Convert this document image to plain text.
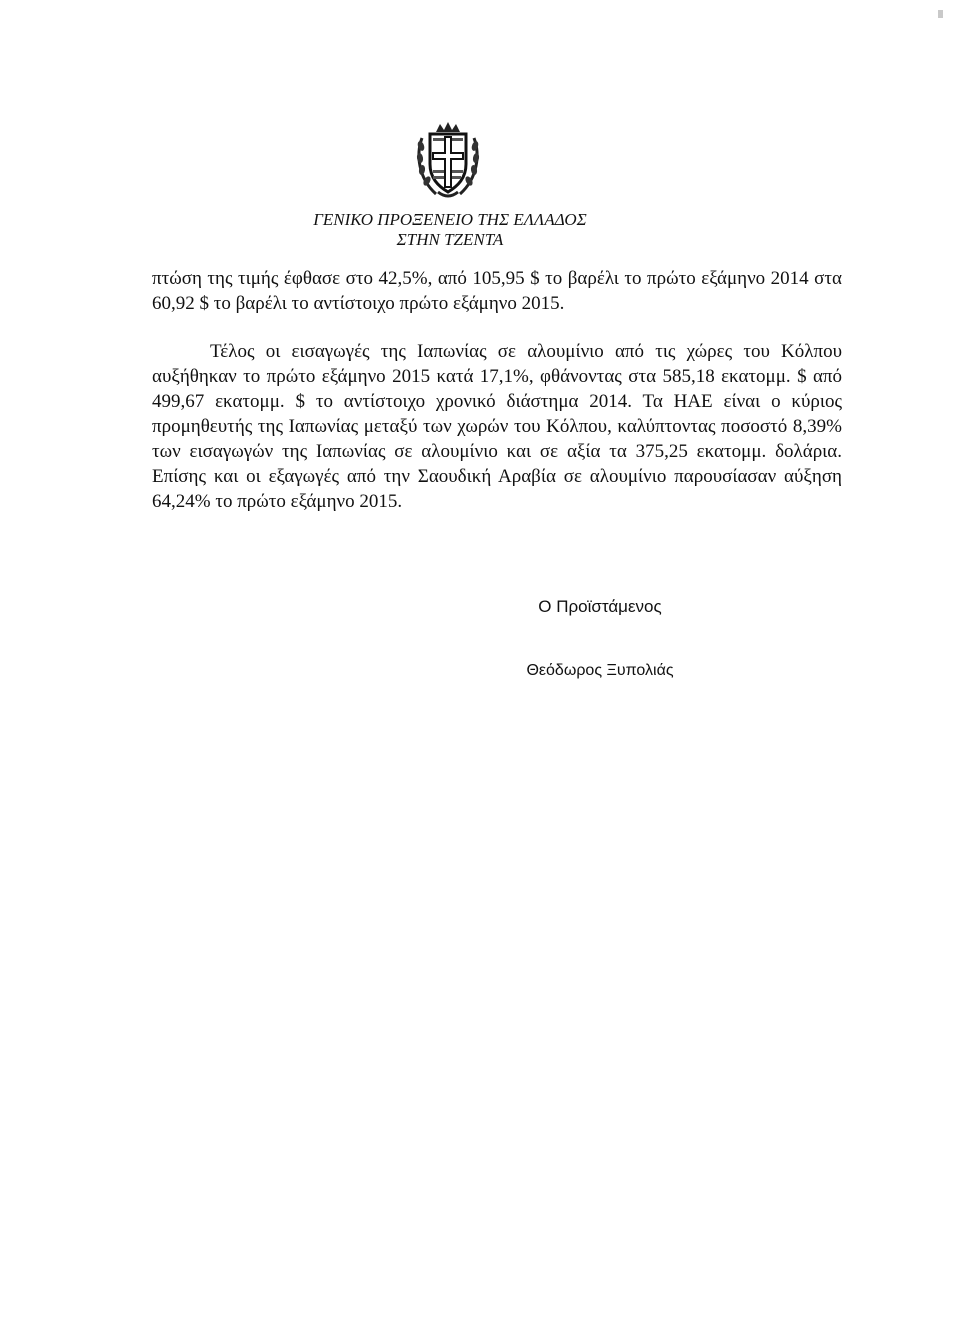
ΓΕΝΙΚΟ ΠΡΟΞΕΝΕΙΟ ΤΗΣ ΕΛΛΑΔΟΣ
ΣΤΗΝ ΤΖΕΝΤΑ
πτώση της τιμής έφθασε στο 42,5%, από 105,95 $ το βαρέλι το πρώτο εξάμηνο 2014 στα 60,92 $ το βαρέλι το αντίστοιχο πρώτο εξάμηνο 2015.
Τέλος οι εισαγωγές της Ιαπωνίας σε αλουμίνιο από τις χώρες του Κόλπου αυξήθηκαν το πρώτο εξάμηνο 2015 κατά 17,1%, φθάνοντας στα 585,18 εκατομμ. $ από 499,67 εκατομμ. $ το αντίστοιχο χρονικό διάστημα 2014. Τα ΗΑΕ είναι ο κύριος προμηθευτής της Ιαπωνίας μεταξύ των χωρών του Κόλπου, καλύπτοντας ποσοστό 8,39% των εισαγωγών της Ιαπωνίας σε αλουμίνιο και σε αξία τα 375,25 εκατομμ. δολάρια. Επίσης και οι εξαγωγές από την Σαουδική Αραβία σε αλουμίνιο παρουσίασαν αύξηση 64,24% το πρώτο εξάμηνο 2015.
Ο Προϊστάμενος
Θεόδωρος Ξυπολιάς
